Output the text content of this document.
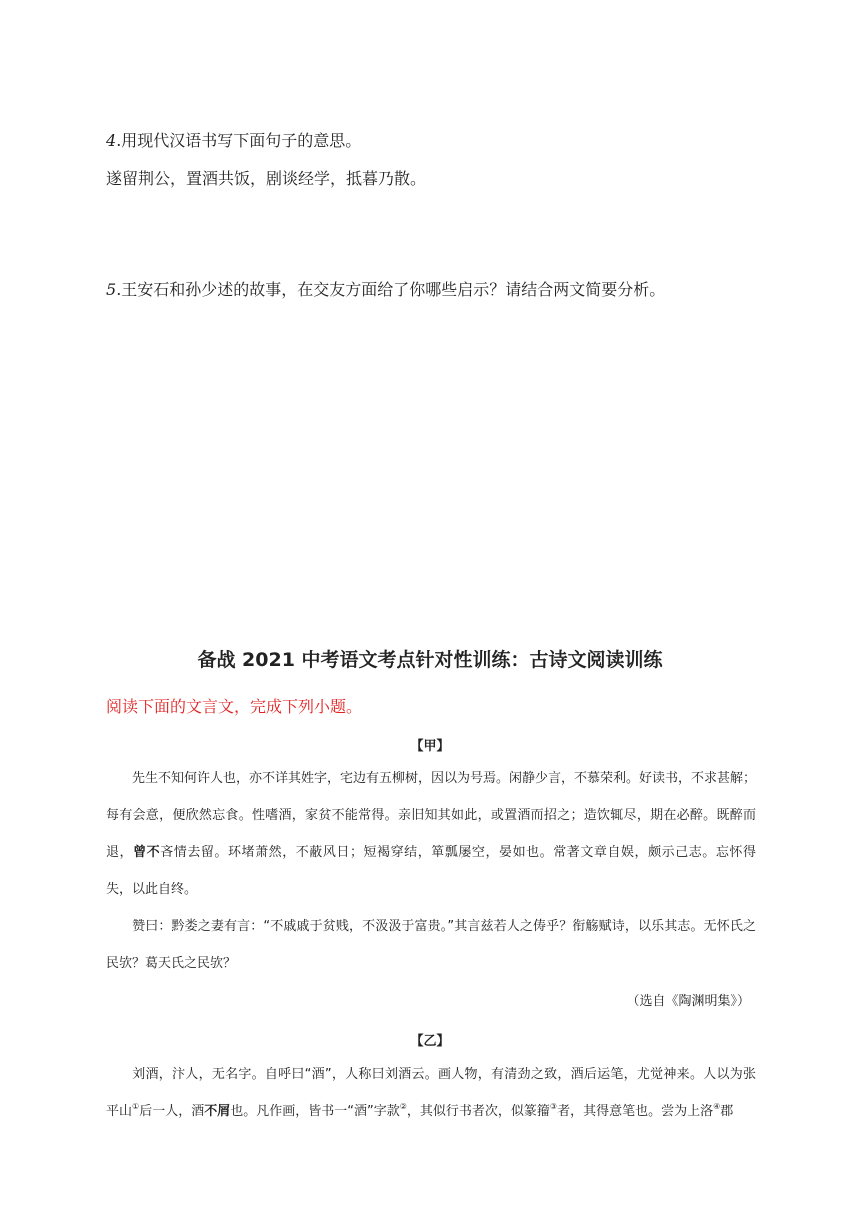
4.用现代汉语书写下面句子的意思。
遂留荆公，置酒共饭，剧谈经学，抵暮乃散。
5.王安石和孙少述的故事，在交友方面给了你哪些启示？请结合两文简要分析。
备战 2021 中考语文考点针对性训练：古诗文阅读训练
阅读下面的文言文，完成下列小题。
【甲】
先生不知何许人也，亦不详其姓字，宅边有五柳树，因以为号焉。闲静少言，不慕荣利。好读书，不求甚解；每有会意，便欣然忘食。性嗜酒，家贫不能常得。亲旧知其如此，或置酒而招之；造饮辄尽，期在必醉。既醉而退，曾不吝情去留。环堵萧然，不蔽风日；短褐穿结，箪瓢屡空，晏如也。常著文章自娱，颇示己志。忘怀得失，以此自终。
赞曰：黔娄之妻有言：“不戚戚于贫贱，不汲汲于富贵。”其言兹若人之俦乎？衔觞赋诗，以乐其志。无怀氏之民欤？葛天氏之民欤？
（选自《陶渊明集》）
【乙】
刘酒，汴人，无名字。自呼曰“酒”，人称曰刘酒云。画人物，有清劲之致，酒后运笔，尤觉神来。人以为张平山①后一人，酒不屑也。凡作画，皆书一“酒”字款②，其似行书者次，似篆籀③者，其得意笔也。尝为上洛④郡
